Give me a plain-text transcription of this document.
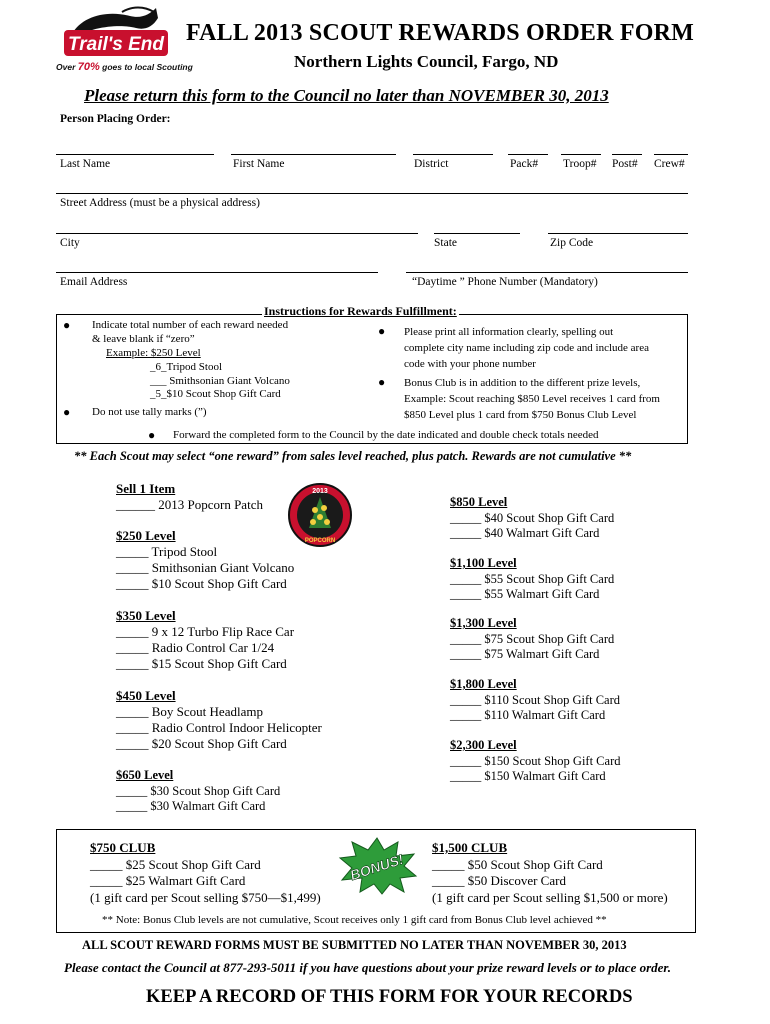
Trail's End
Over 70% goes to local Scouting
FALL 2013 SCOUT REWARDS ORDER FORM
Northern Lights Council, Fargo, ND
Please return this form to the Council no later than NOVEMBER 30, 2013
Person Placing Order:
Last Name	First Name	District	Pack# Troop# Post# Crew#
Street Address (must be a physical address)
City	State	Zip Code
Email Address	“Daytime ” Phone Number (Mandatory)
Instructions for Rewards Fulfillment:
● Indicate total number of each reward needed
& leave blank if “zero”
Example: $250 Level
_6_Tripod Stool
___ Smithsonian Giant Volcano
_5_$10 Scout Shop Gift Card
● Do not use tally marks (”)
● Please print all information clearly, spelling out
complete city name including zip code and include area
code with your phone number
● Bonus Club is in addition to the different prize levels,
Example: Scout reaching $850 Level receives 1 card from
$850 Level plus 1 card from $750 Bonus Club Level
● Forward the completed form to the Council by the date indicated and double check totals needed
** Each Scout may select “one reward” from sales level reached, plus patch. Rewards are not cumulative **
Sell 1 Item
______ 2013 Popcorn Patch
2013
POPCORN
$250 Level
_____ Tripod Stool
_____ Smithsonian Giant Volcano
_____ $10 Scout Shop Gift Card
$350 Level
_____ 9 x 12 Turbo Flip Race Car
_____ Radio Control Car 1/24
_____ $15 Scout Shop Gift Card
$450 Level
_____ Boy Scout Headlamp
_____ Radio Control Indoor Helicopter
_____ $20 Scout Shop Gift Card
$650 Level
_____ $30 Scout Shop Gift Card
_____ $30 Walmart Gift Card
$850 Level
_____ $40 Scout Shop Gift Card
_____ $40 Walmart Gift Card
$1,100 Level
_____ $55 Scout Shop Gift Card
_____ $55 Walmart Gift Card
$1,300 Level
_____ $75 Scout Shop Gift Card
_____ $75 Walmart Gift Card
$1,800 Level
_____ $110 Scout Shop Gift Card
_____ $110 Walmart Gift Card
$2,300 Level
_____ $150 Scout Shop Gift Card
_____ $150 Walmart Gift Card
$750 CLUB
_____ $25 Scout Shop Gift Card
_____ $25 Walmart Gift Card
(1 gift card per Scout selling $750—$1,499)
BONUS!
$1,500 CLUB
_____ $50 Scout Shop Gift Card
_____ $50 Discover Card
(1 gift card per Scout selling $1,500 or more)
** Note: Bonus Club levels are not cumulative, Scout receives only 1 gift card from Bonus Club level achieved **
ALL SCOUT REWARD FORMS MUST BE SUBMITTED NO LATER THAN NOVEMBER 30, 2013
Please contact the Council at 877-293-5011 if you have questions about your prize reward levels or to place order.
KEEP A RECORD OF THIS FORM FOR YOUR RECORDS
